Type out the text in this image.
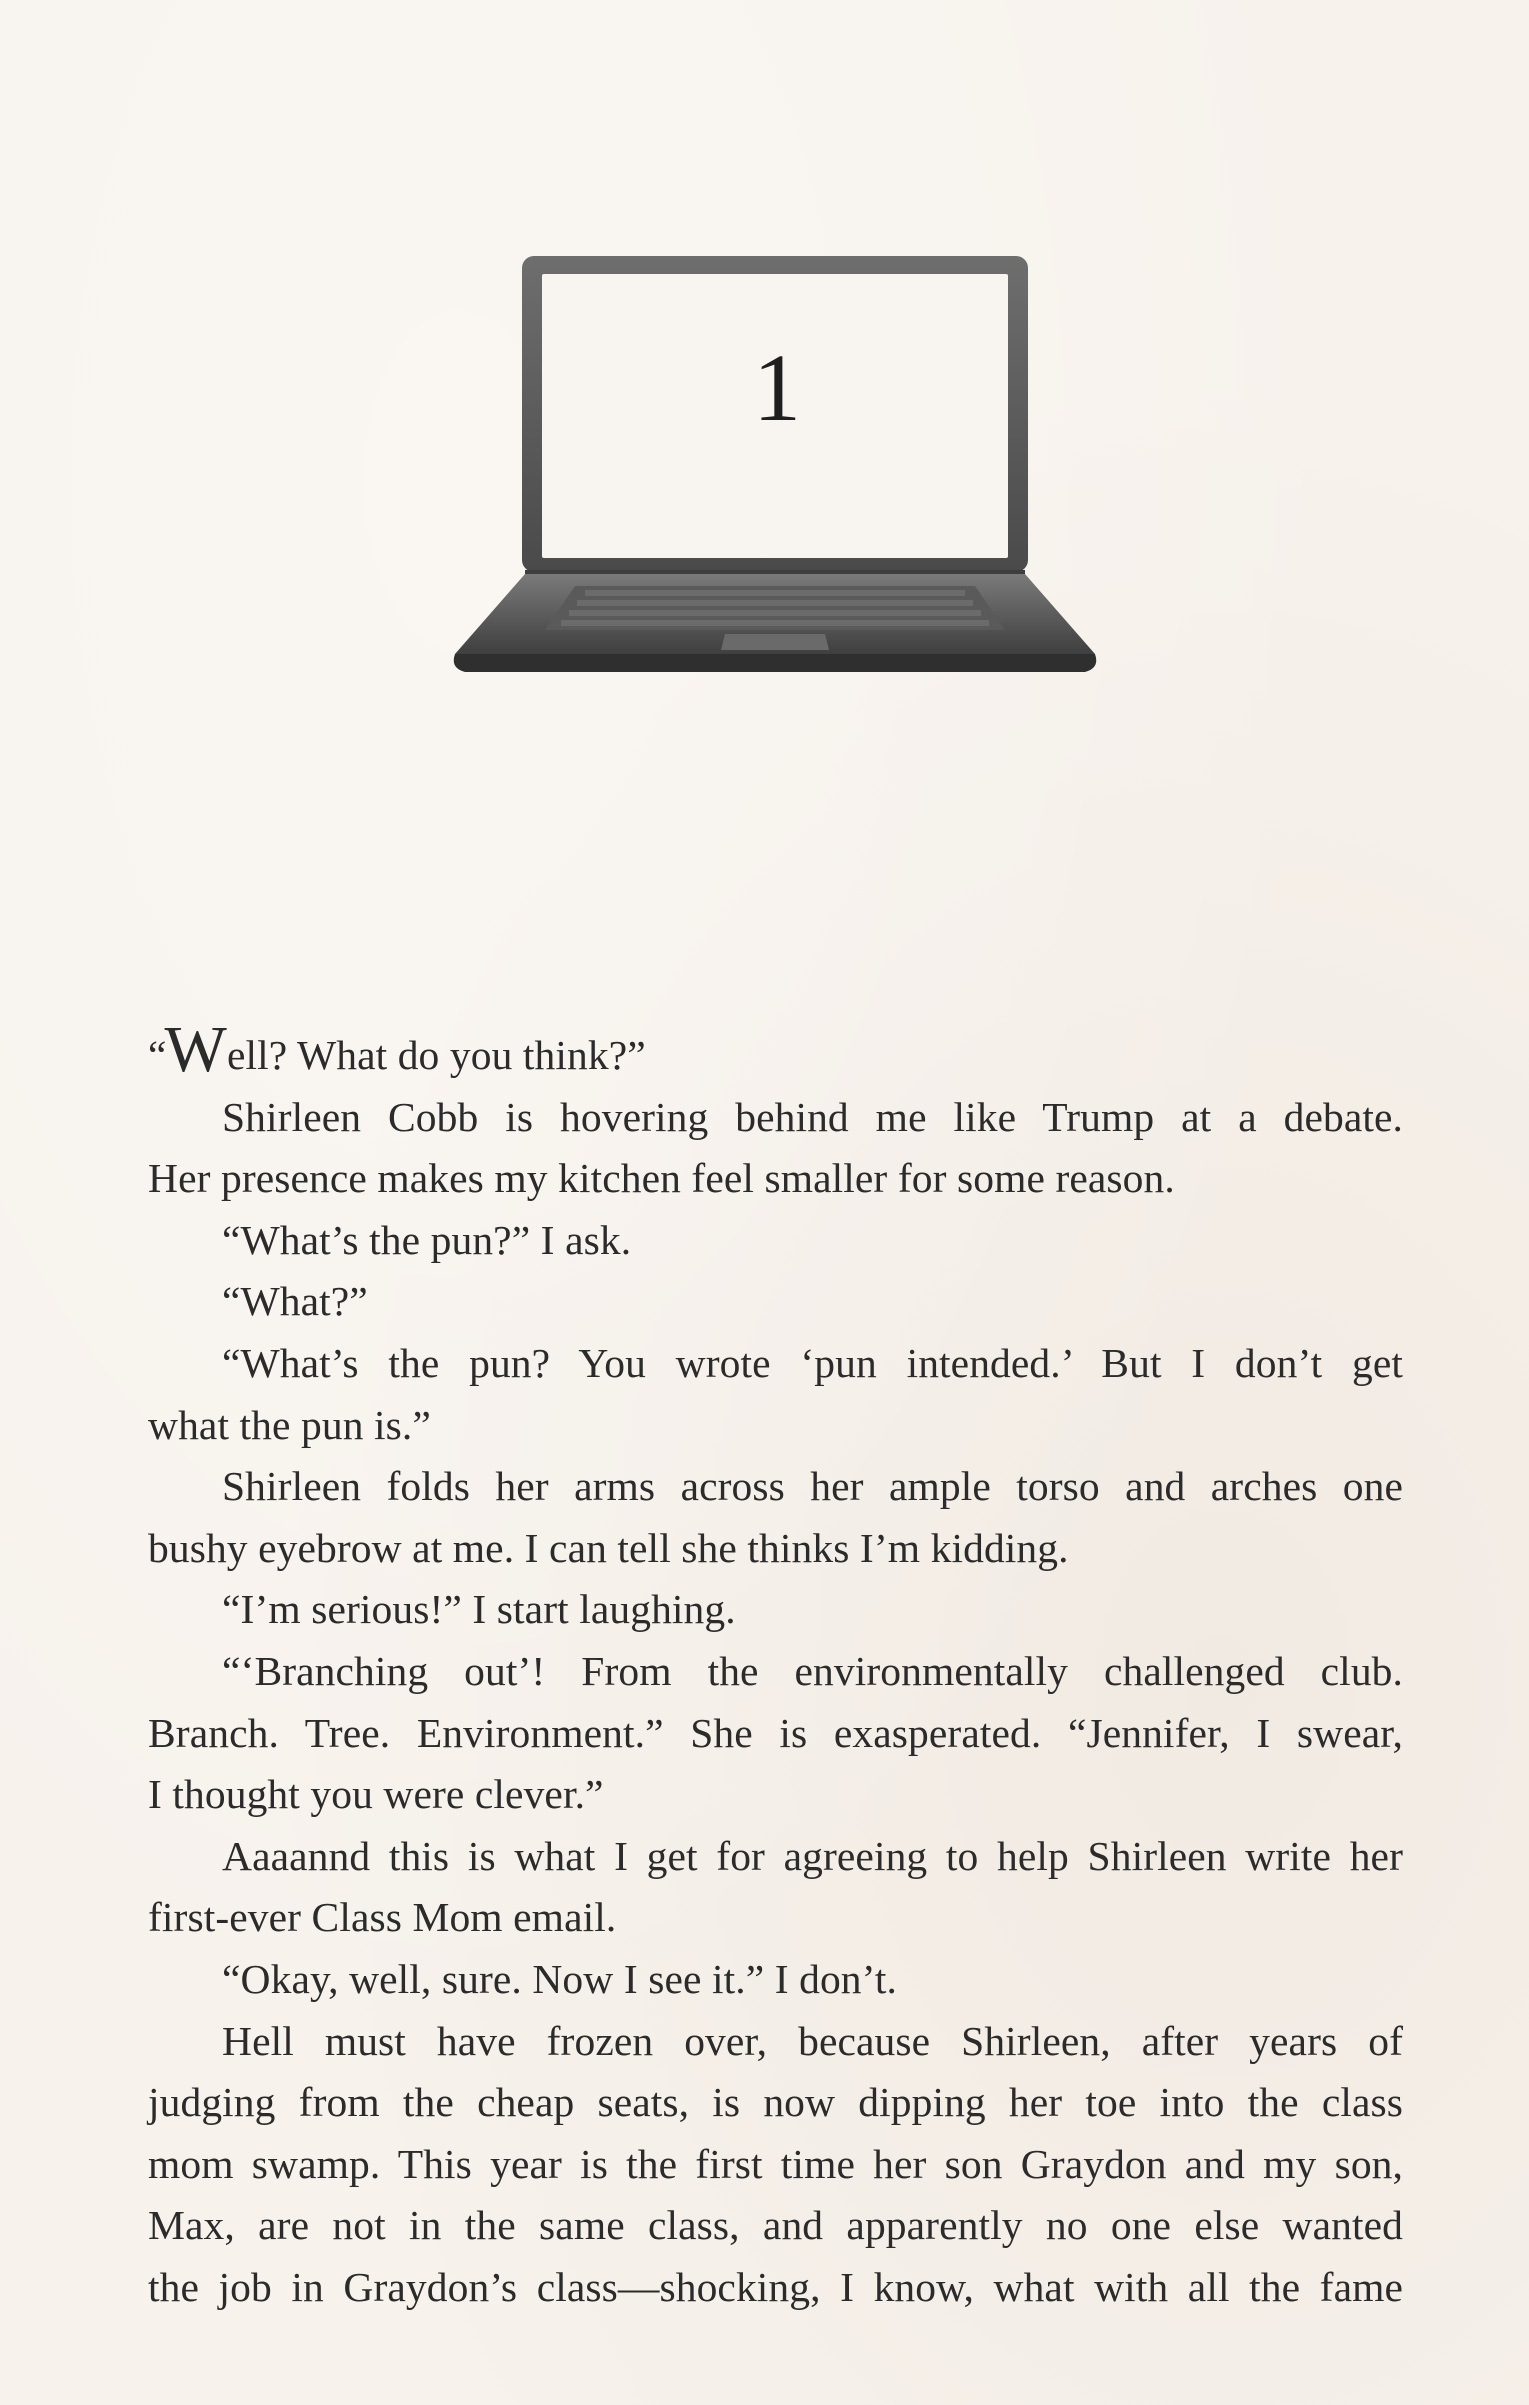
1
“Well? What do you think?”
Shirleen Cobb is hovering behind me like Trump at a debate.
Her presence makes my kitchen feel smaller for some reason.
“What’s the pun?” I ask.
“What?”
“What’s the pun? You wrote ‘pun intended.’ But I don’t get
what the pun is.”
Shirleen folds her arms across her ample torso and arches one
bushy eyebrow at me. I can tell she thinks I’m kidding.
“I’m serious!” I start laughing.
“‘Branching out’! From the environmentally challenged club.
Branch. Tree. Environment.” She is exasperated. “Jennifer, I swear,
I thought you were clever.”
Aaaannd this is what I get for agreeing to help Shirleen write her
first-ever Class Mom email.
“Okay, well, sure. Now I see it.” I don’t.
Hell must have frozen over, because Shirleen, after years of
judging from the cheap seats, is now dipping her toe into the class
mom swamp. This year is the first time her son Graydon and my son,
Max, are not in the same class, and apparently no one else wanted
the job in Graydon’s class—shocking, I know, what with all the fame
